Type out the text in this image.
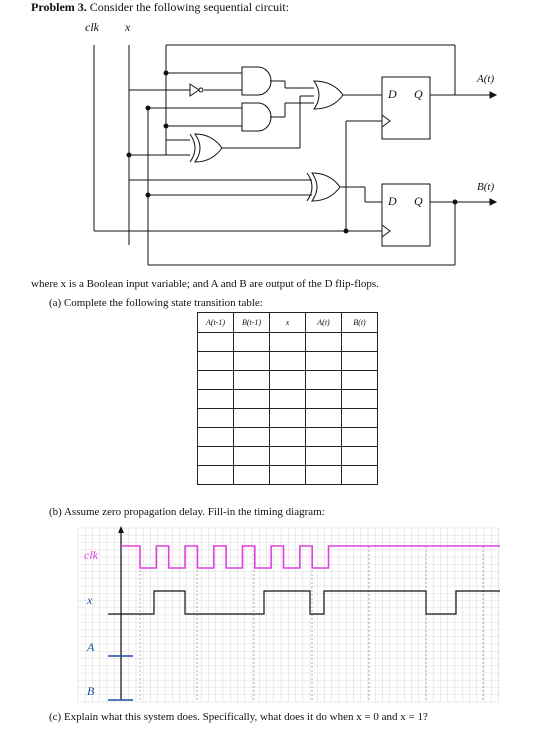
Problem 3. Consider the following sequential circuit:
clk x
D Q
D Q
A(t)
B(t)
where x is a Boolean input variable; and A and B are output of the D flip-flops.
(a) Complete the following state transition table:
A(t-1)	B(t-1)	x	A(t)	B(t)

(b) Assume zero propagation delay. Fill-in the timing diagram:
clk
x
A
B
(c) Explain what this system does. Specifically, what does it do when x = 0 and x = 1?
